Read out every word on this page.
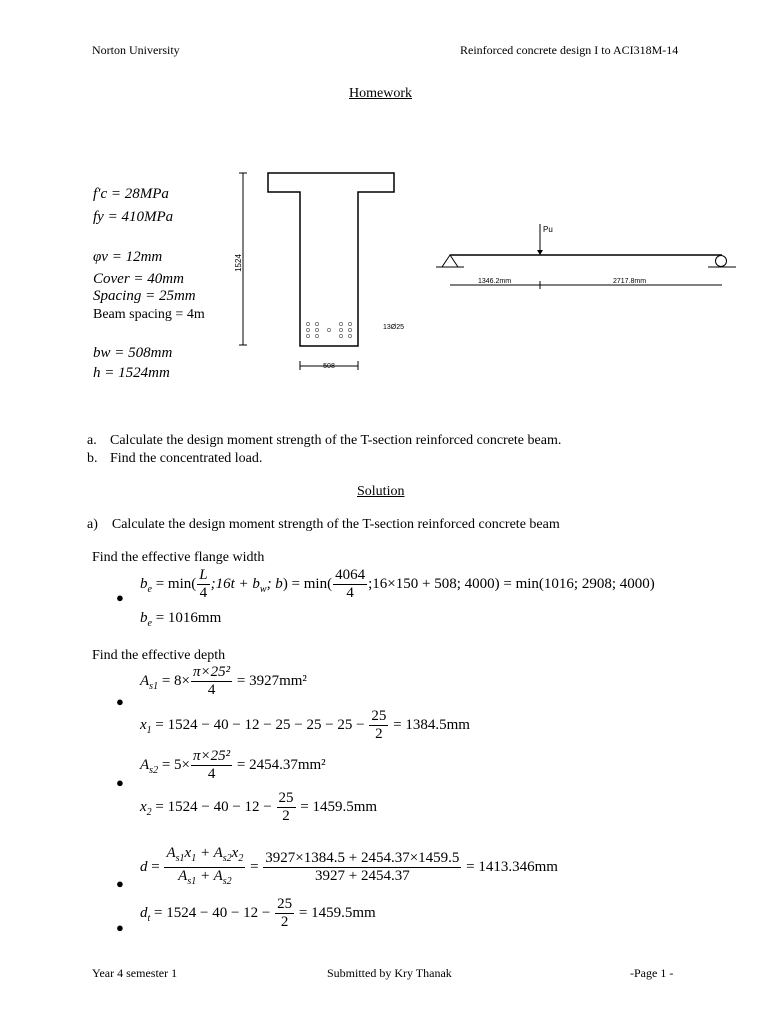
Norton University	Reinforced concrete design I to ACI318M-14
Homework
f′c = 28MPa
fy = 410MPa
φv = 12mm
Cover = 40mm
Spacing = 25mm
Beam spacing = 4m
bw = 508mm
h = 1524mm
1524
13Ø25
508
Pu
1346.2mm	2717.8mm
a. Calculate the design moment strength of the T-section reinforced concrete beam.
b. Find the concentrated load.
Solution
a) Calculate the design moment strength of the T-section reinforced concrete beam
Find the effective flange width
$b_e = \min( \frac{L}{4}$ ;16t + $b_w$; $b) = \min( \frac{4064}{4}$ ;16×150 + 508; 4000) = min(1016; 2908; 4000)
●
$b_e = 1016mm$
Find the effective depth
$A_{s1} = 8\times \frac{\text{π×25²}}{4} = 3927mm^2$
●
$x_1 = 1524 - 40 - 12 - 25 - 25 - 25 - \frac{25}{2} = 1384.5mm$
$A_{s2} = 5\times \frac{\text{π×25²}}{4} = 2454.37mm^2$
●
$x_2 = 1524 - 40 - 12 - \frac{25}{2} = 1459.5mm$
$d = \frac{A_{s1}x_1 + A_{s2}x_2}{A_{s1} + A_{s2}} = \frac{3927\times 1384.5 + 2454.37\times 1459.5}{3927 + 2454.37} = 1413.346mm$
●
$d_t = 1524 - 40 - 12 - \frac{25}{2} = 1459.5mm$
●
Year 4 semester 1	Submitted by Kry Thanak	-Page 1 -
